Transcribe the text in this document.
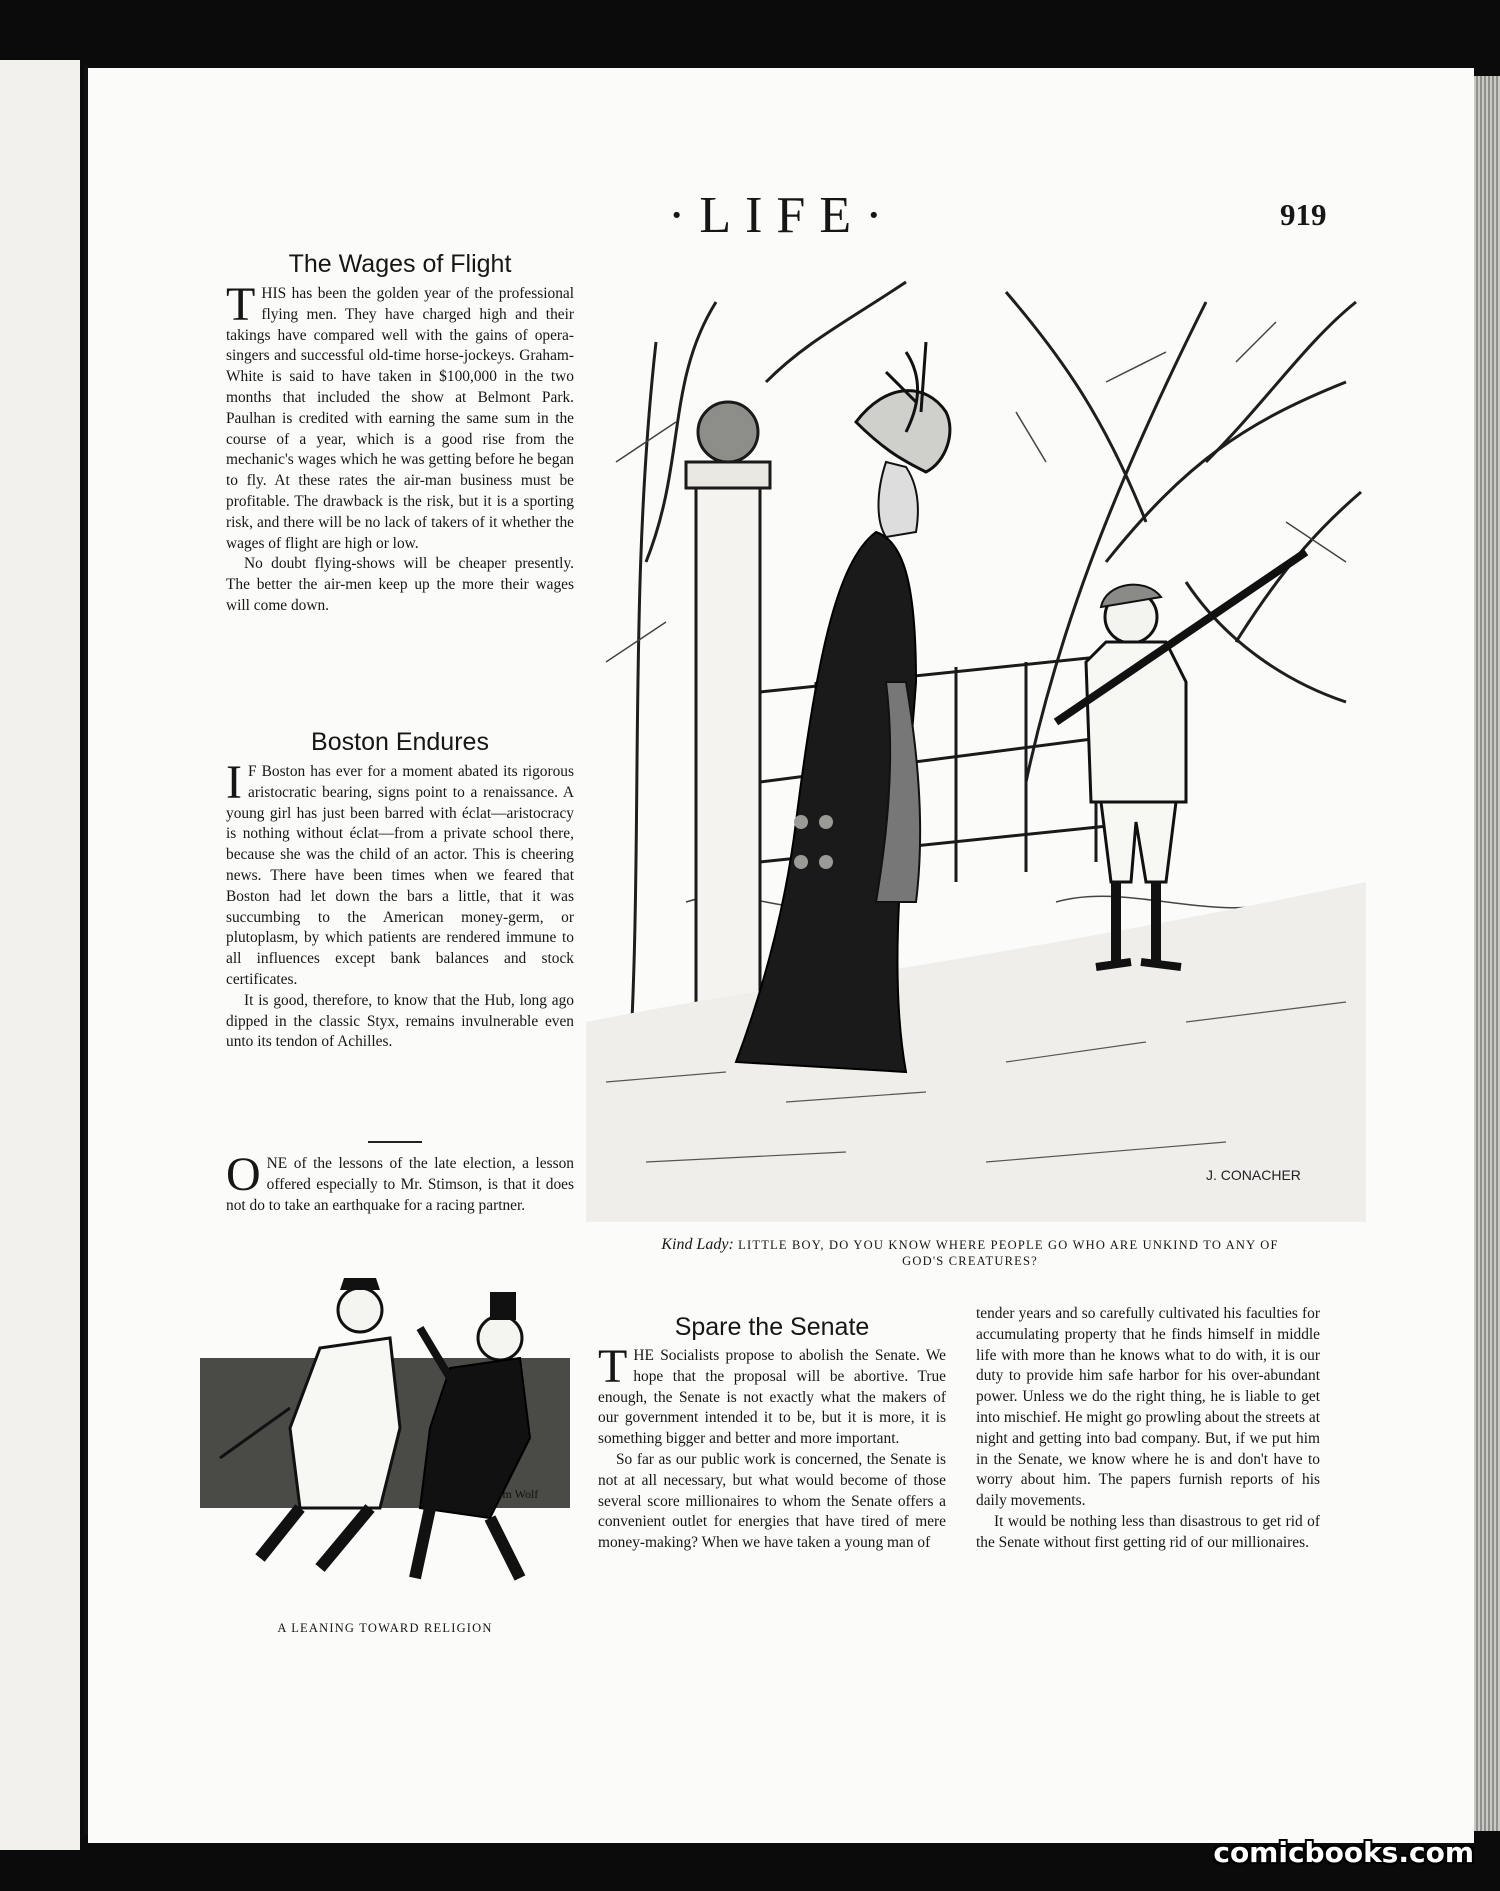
·LIFE·	919
The Wages of Flight

THIS has been the golden year of the professional flying men. They have charged high and their takings have compared well with the gains of opera-singers and successful old-time horse-jockeys. Graham-White is said to have taken in $100,000 in the two months that included the show at Belmont Park. Paulhan is credited with earning the same sum in the course of a year, which is a good rise from the mechanic's wages which he was getting before he began to fly. At these rates the air-man business must be profitable. The drawback is the risk, but it is a sporting risk, and there will be no lack of takers of it whether the wages of flight are high or low.

No doubt flying-shows will be cheaper presently. The better the air-men keep up the more their wages will come down.

Boston Endures

I F Boston has ever for a moment abated its rigorous aristocratic bearing, signs point to a renaissance. A young girl has just been barred with éclat—aristocracy is nothing without éclat—from a private school there, because she was the child of an actor. This is cheering news. There have been times when we feared that Boston had let down the bars a little, that it was succumbing to the American money-germ, or plutoplasm, by which patients are rendered immune to all influences except bank balances and stock certificates.

It is good, therefore, to know that the Hub, long ago dipped in the classic Styx, remains invulnerable even unto its tendon of Achilles.

ONE of the lessons of the late election, a lesson offered especially to Mr. Stimson, is that it does not do to take an earthquake for a racing partner.

J. CONACHER
Kind Lady: LITTLE BOY, DO YOU KNOW WHERE PEOPLE GO WHO ARE UNKIND TO ANY OF GOD'S CREATURES?
Tom Wolf
A LEANING TOWARD RELIGION
Spare the Senate

THE Socialists propose to abolish the Senate. We hope that the proposal will be abortive. True enough, the Senate is not exactly what the makers of our government intended it to be, but it is more, it is something bigger and better and more important.

So far as our public work is concerned, the Senate is not at all necessary, but what would become of those several score millionaires to whom the Senate offers a convenient outlet for energies that have tired of mere money-making? When we have taken a young man of

tender years and so carefully cultivated his faculties for accumulating property that he finds himself in middle life with more than he knows what to do with, it is our duty to provide him safe harbor for his over-abundant power. Unless we do the right thing, he is liable to get into mischief. He might go prowling about the streets at night and getting into bad company. But, if we put him in the Senate, we know where he is and don't have to worry about him. The papers furnish reports of his daily movements.

It would be nothing less than disastrous to get rid of the Senate without first getting rid of our millionaires.

comicbooks.com
